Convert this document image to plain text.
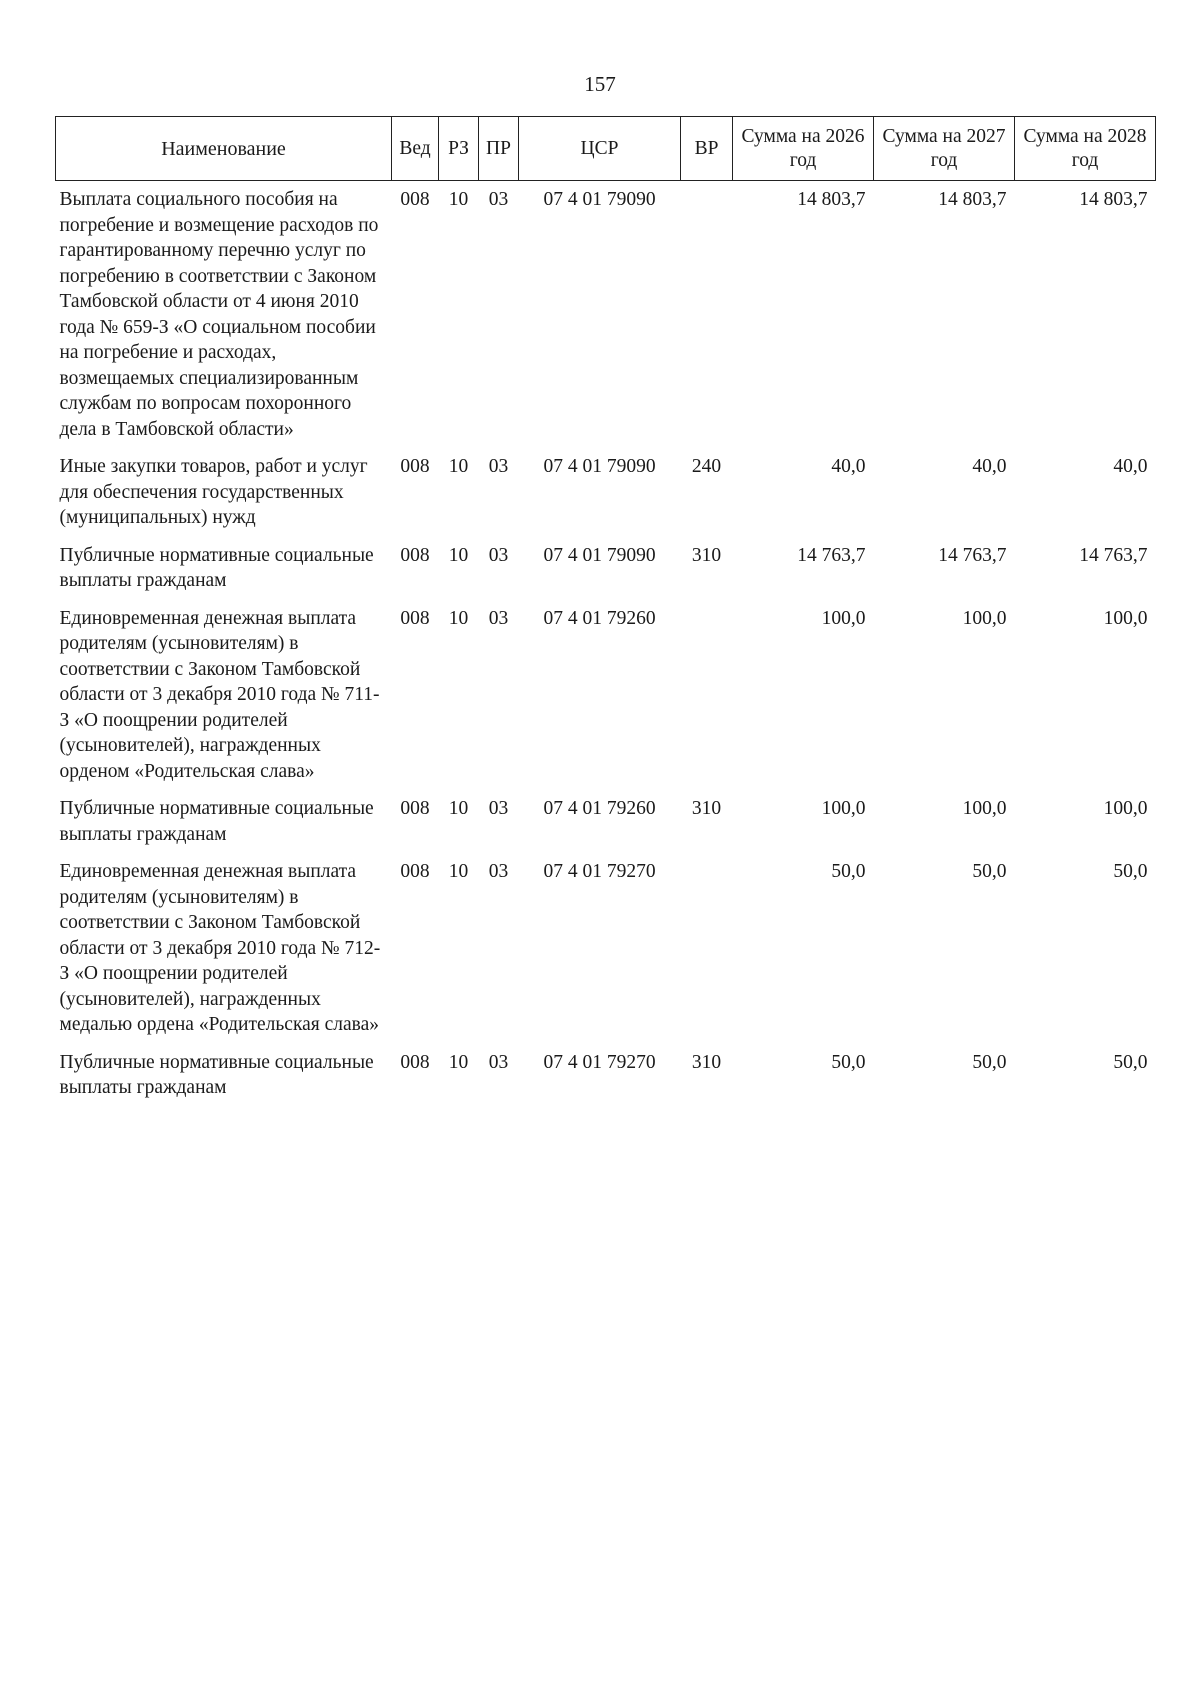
157
Наименование	Вед	РЗ	ПР	ЦСР	ВР	Сумма на 2026 год	Сумма на 2027 год	Сумма на 2028 год
Выплата социального пособия на погребение и возмещение расходов по гарантированному перечню услуг по погребению в соответствии с Законом Тамбовской области от 4 июня 2010 года № 659-З «О социальном пособии на погребение и расходах, возмещаемых специализированным службам по вопросам похоронного дела в Тамбовской области»	008	10	03	07 4 01 79090		14 803,7	14 803,7	14 803,7
Иные закупки товаров, работ и услуг для обеспечения государственных (муниципальных) нужд	008	10	03	07 4 01 79090	240	40,0	40,0	40,0
Публичные нормативные социальные выплаты гражданам	008	10	03	07 4 01 79090	310	14 763,7	14 763,7	14 763,7
Единовременная денежная выплата родителям (усыновителям) в соответствии с Законом Тамбовской области от 3 декабря 2010 года № 711-З «О поощрении родителей (усыновителей), награжденных орденом «Родительская слава»	008	10	03	07 4 01 79260		100,0	100,0	100,0
Публичные нормативные социальные выплаты гражданам	008	10	03	07 4 01 79260	310	100,0	100,0	100,0
Единовременная денежная выплата родителям (усыновителям) в соответствии с Законом Тамбовской области от 3 декабря 2010 года № 712-З «О поощрении родителей (усыновителей), награжденных медалью ордена «Родительская слава»	008	10	03	07 4 01 79270		50,0	50,0	50,0
Публичные нормативные социальные выплаты гражданам	008	10	03	07 4 01 79270	310	50,0	50,0	50,0
